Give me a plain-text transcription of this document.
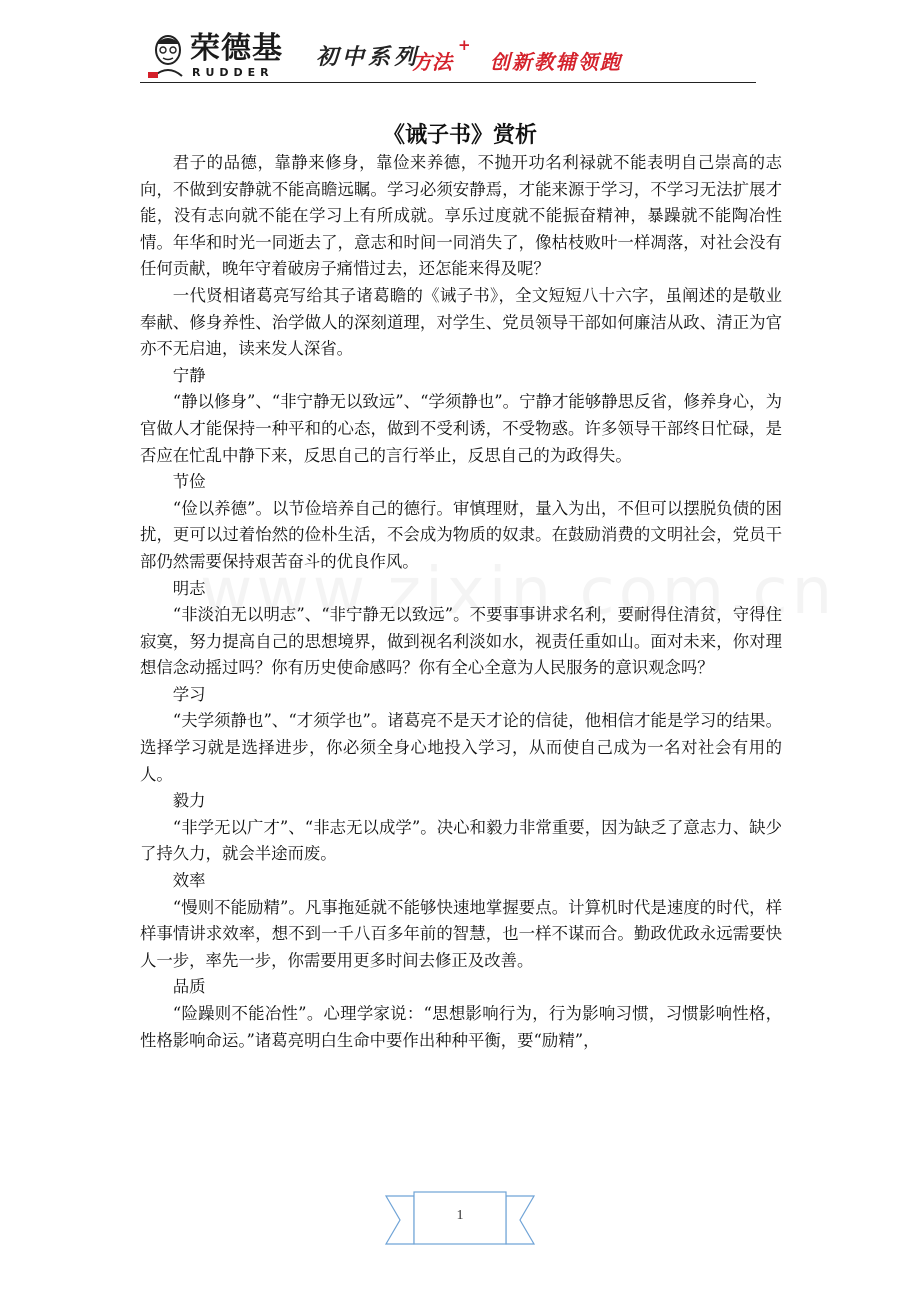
荣德基
RUDDER
初中系列
方法
+
创新教辅领跑
《诫子书》赏析

君子的品德，靠静来修身，靠俭来养德，不抛开功名利禄就不能表明自己崇高的志向，不做到安静就不能高瞻远瞩。学习必须安静焉，才能来源于学习，不学习无法扩展才能，没有志向就不能在学习上有所成就。享乐过度就不能振奋精神，暴躁就不能陶冶性情。年华和时光一同逝去了，意志和时间一同消失了，像枯枝败叶一样凋落，对社会没有任何贡献，晚年守着破房子痛惜过去，还怎能来得及呢？

一代贤相诸葛亮写给其子诸葛瞻的《诫子书》，全文短短八十六字，虽阐述的是敬业奉献、修身养性、治学做人的深刻道理，对学生、党员领导干部如何廉洁从政、清正为官亦不无启迪，读来发人深省。

宁静

“静以修身”、“非宁静无以致远”、“学须静也”。宁静才能够静思反省，修养身心，为官做人才能保持一种平和的心态，做到不受利诱，不受物惑。许多领导干部终日忙碌，是否应在忙乱中静下来，反思自己的言行举止，反思自己的为政得失。

节俭

“俭以养德”。以节俭培养自己的德行。审慎理财，量入为出，不但可以摆脱负债的困扰，更可以过着怡然的俭朴生活，不会成为物质的奴隶。在鼓励消费的文明社会，党员干部仍然需要保持艰苦奋斗的优良作风。

明志

“非淡泊无以明志”、“非宁静无以致远”。不要事事讲求名利，要耐得住清贫，守得住寂寞，努力提高自己的思想境界，做到视名利淡如水，视责任重如山。面对未来，你对理想信念动摇过吗？你有历史使命感吗？你有全心全意为人民服务的意识观念吗？

学习

“夫学须静也”、“才须学也”。诸葛亮不是天才论的信徒，他相信才能是学习的结果。选择学习就是选择进步，你必须全身心地投入学习，从而使自己成为一名对社会有用的人。

毅力

“非学无以广才”、“非志无以成学”。决心和毅力非常重要，因为缺乏了意志力、缺少了持久力，就会半途而废。

效率

“慢则不能励精”。凡事拖延就不能够快速地掌握要点。计算机时代是速度的时代，样样事情讲求效率，想不到一千八百多年前的智慧，也一样不谋而合。勤政优政永远需要快人一步，率先一步，你需要用更多时间去修正及改善。

品质

“险躁则不能冶性”。心理学家说：“思想影响行为，行为影响习惯，习惯影响性格，性格影响命运。”诸葛亮明白生命中要作出种种平衡，要“励精”，

1
